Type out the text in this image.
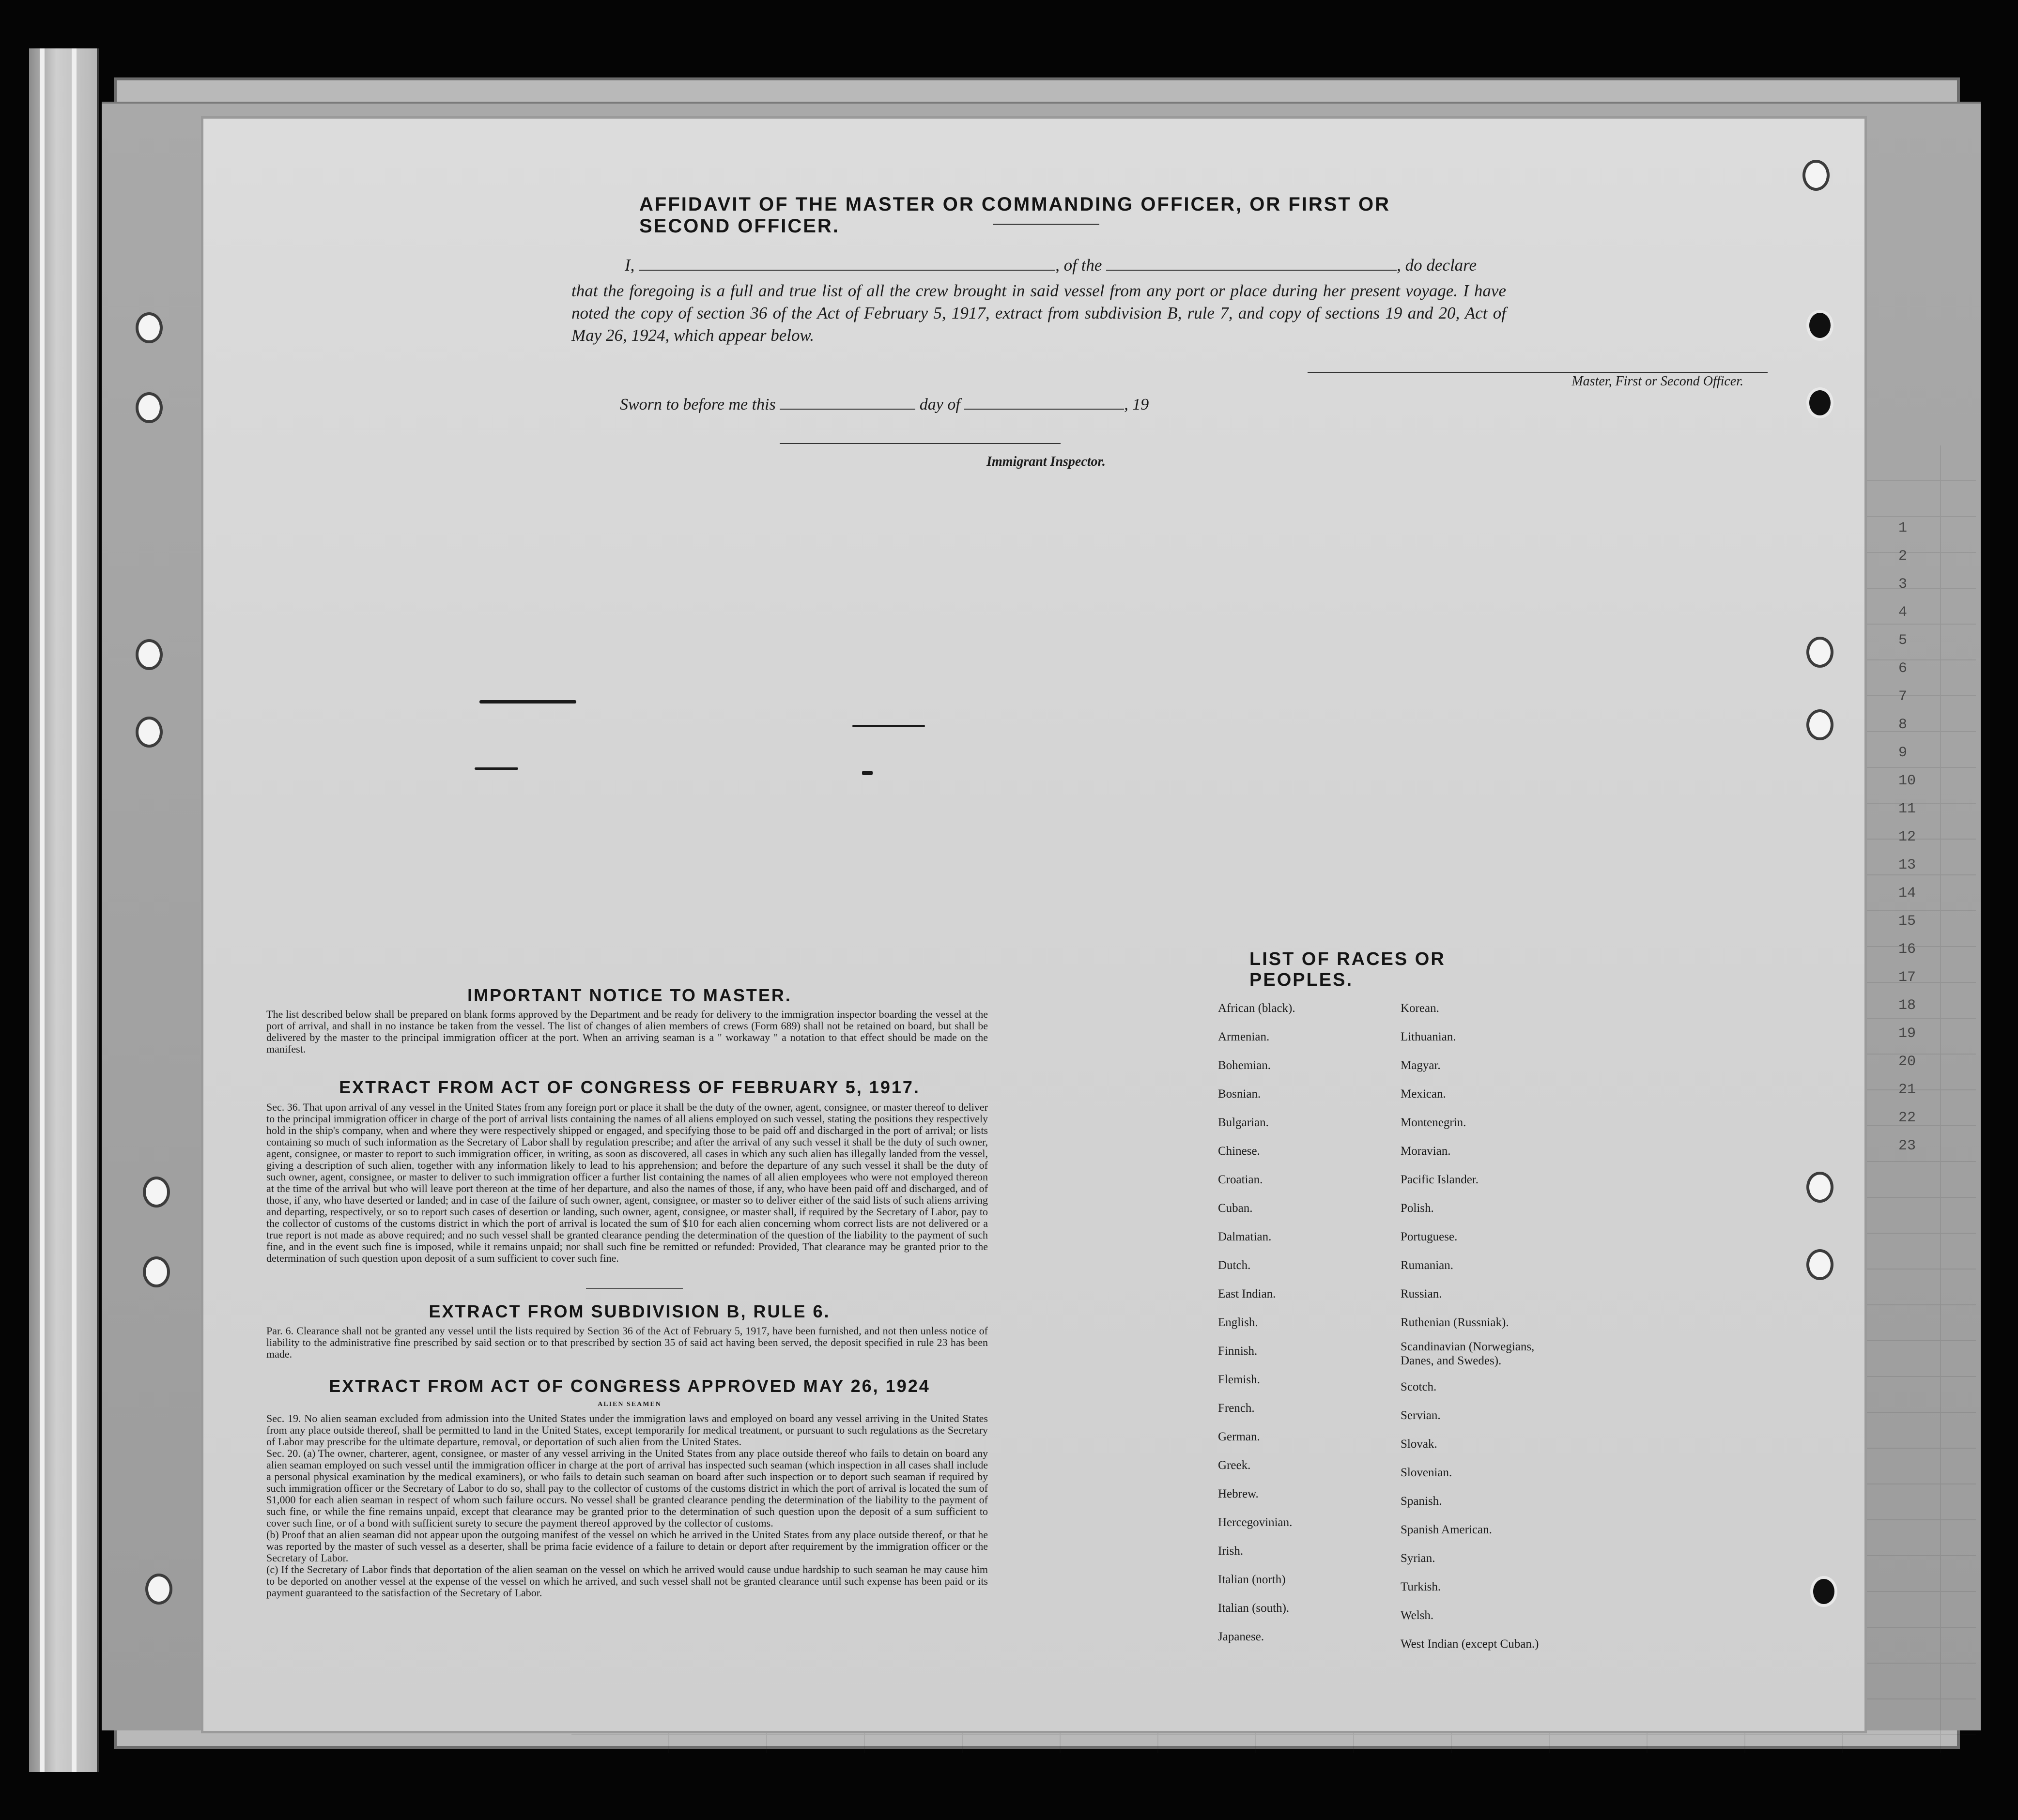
1
2
3
4
5
6
7
8
9
10
11
12
13
14
15
16
17
18
19
20
21
22
23
AFFIDAVIT OF THE MASTER OR COMMANDING OFFICER, OR FIRST OR SECOND OFFICER.
I,	, of the	, do declare
that the foregoing is a full and true list of all the crew brought in said vessel from any port or place during her present voyage. I have noted the copy of section 36 of the Act of February 5, 1917, extract from subdivision B, rule 7, and copy of sections 19 and 20, Act of May 26, 1924, which appear below.
Master, First or Second Officer.
Sworn to before me this	day of	, 19
Immigrant Inspector.
IMPORTANT NOTICE TO MASTER.
The list described below shall be prepared on blank forms approved by the Department and be ready for delivery to the immigration inspector boarding the vessel at the port of arrival, and shall in no instance be taken from the vessel. The list of changes of alien members of crews (Form 689) shall not be retained on board, but shall be delivered by the master to the principal immigration officer at the port. When an arriving seaman is a " workaway " a notation to that effect should be made on the manifest.
EXTRACT FROM ACT OF CONGRESS OF FEBRUARY 5, 1917.
Sec. 36. That upon arrival of any vessel in the United States from any foreign port or place it shall be the duty of the owner, agent, consignee, or master thereof to deliver to the principal immigration officer in charge of the port of arrival lists containing the names of all aliens employed on such vessel, stating the positions they respectively hold in the ship's company, when and where they were respectively shipped or engaged, and specifying those to be paid off and discharged in the port of arrival; or lists containing so much of such information as the Secretary of Labor shall by regulation prescribe; and after the arrival of any such vessel it shall be the duty of such owner, agent, consignee, or master to report to such immigration officer, in writing, as soon as discovered, all cases in which any such alien has illegally landed from the vessel, giving a description of such alien, together with any information likely to lead to his apprehension; and before the departure of any such vessel it shall be the duty of such owner, agent, consignee, or master to deliver to such immigration officer a further list containing the names of all alien employees who were not employed thereon at the time of the arrival but who will leave port thereon at the time of her departure, and also the names of those, if any, who have been paid off and discharged, and of those, if any, who have deserted or landed; and in case of the failure of such owner, agent, consignee, or master so to deliver either of the said lists of such aliens arriving and departing, respectively, or so to report such cases of desertion or landing, such owner, agent, consignee, or master shall, if required by the Secretary of Labor, pay to the collector of customs of the customs district in which the port of arrival is located the sum of $10 for each alien concerning whom correct lists are not delivered or a true report is not made as above required; and no such vessel shall be granted clearance pending the determination of the question of the liability to the payment of such fine, and in the event such fine is imposed, while it remains unpaid; nor shall such fine be remitted or refunded: Provided, That clearance may be granted prior to the determination of such question upon deposit of a sum sufficient to cover such fine.
EXTRACT FROM SUBDIVISION B, RULE 6.
Par. 6. Clearance shall not be granted any vessel until the lists required by Section 36 of the Act of February 5, 1917, have been furnished, and not then unless notice of liability to the administrative fine prescribed by said section or to that prescribed by section 35 of said act having been served, the deposit specified in rule 23 has been made.
EXTRACT FROM ACT OF CONGRESS APPROVED MAY 26, 1924
ALIEN SEAMEN
Sec. 19. No alien seaman excluded from admission into the United States under the immigration laws and employed on board any vessel arriving in the United States from any place outside thereof, shall be permitted to land in the United States, except temporarily for medical treatment, or pursuant to such regulations as the Secretary of Labor may prescribe for the ultimate departure, removal, or deportation of such alien from the United States.
Sec. 20. (a) The owner, charterer, agent, consignee, or master of any vessel arriving in the United States from any place outside thereof who fails to detain on board any alien seaman employed on such vessel until the immigration officer in charge at the port of arrival has inspected such seaman (which inspection in all cases shall include a personal physical examination by the medical examiners), or who fails to detain such seaman on board after such inspection or to deport such seaman if required by such immigration officer or the Secretary of Labor to do so, shall pay to the collector of customs of the customs district in which the port of arrival is located the sum of $1,000 for each alien seaman in respect of whom such failure occurs. No vessel shall be granted clearance pending the determination of the liability to the payment of such fine, or while the fine remains unpaid, except that clearance may be granted prior to the determination of such question upon the deposit of a sum sufficient to cover such fine, or of a bond with sufficient surety to secure the payment thereof approved by the collector of customs.
(b) Proof that an alien seaman did not appear upon the outgoing manifest of the vessel on which he arrived in the United States from any place outside thereof, or that he was reported by the master of such vessel as a deserter, shall be prima facie evidence of a failure to detain or deport after requirement by the immigration officer or the Secretary of Labor.
(c) If the Secretary of Labor finds that deportation of the alien seaman on the vessel on which he arrived would cause undue hardship to such seaman he may cause him to be deported on another vessel at the expense of the vessel on which he arrived, and such vessel shall not be granted clearance until such expense has been paid or its payment guaranteed to the satisfaction of the Secretary of Labor.
LIST OF RACES OR PEOPLES.
African (black).
Armenian.
Bohemian.
Bosnian.
Bulgarian.
Chinese.
Croatian.
Cuban.
Dalmatian.
Dutch.
East Indian.
English.
Finnish.
Flemish.
French.
German.
Greek.
Hebrew.
Hercegovinian.
Irish.
Italian (north)
Italian (south).
Japanese.
Korean.
Lithuanian.
Magyar.
Mexican.
Montenegrin.
Moravian.
Pacific Islander.
Polish.
Portuguese.
Rumanian.
Russian.
Ruthenian (Russniak).
Scandinavian (Norwegians,
Danes, and Swedes).
Scotch.
Servian.
Slovak.
Slovenian.
Spanish.
Spanish American.
Syrian.
Turkish.
Welsh.
West Indian (except Cuban.)
